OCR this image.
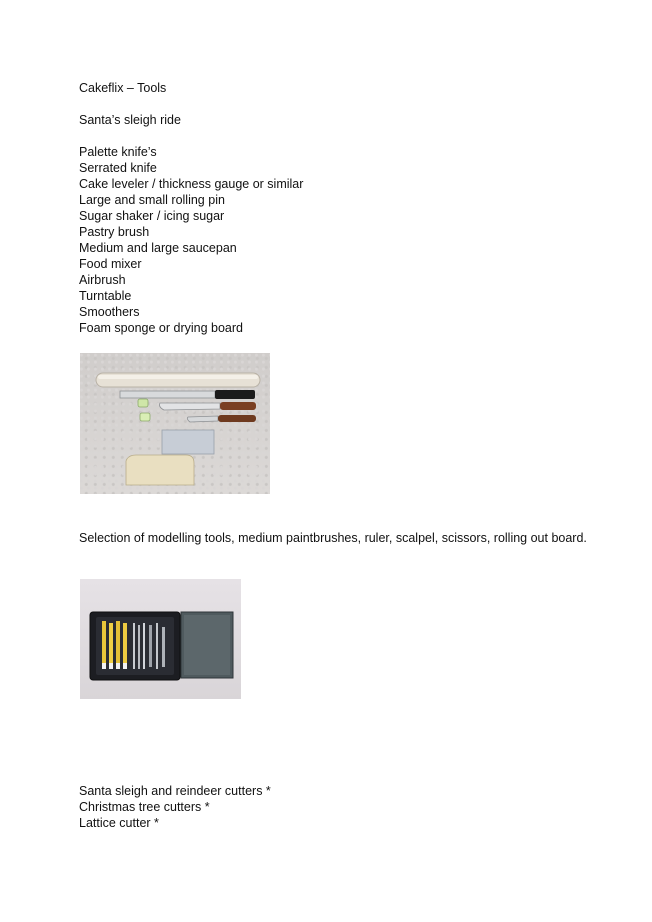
Cakeflix – Tools
Santa’s sleigh ride
Palette knife’s
Serrated knife
Cake leveler / thickness gauge or similar
Large and small rolling pin
Sugar shaker / icing sugar
Pastry brush
Medium and large saucepan
Food mixer
Airbrush
Turntable
Smoothers
Foam sponge or drying board
Selection of modelling tools, medium paintbrushes, ruler, scalpel, scissors, rolling out board.
Santa sleigh and reindeer cutters *
Christmas tree cutters *
Lattice cutter *
